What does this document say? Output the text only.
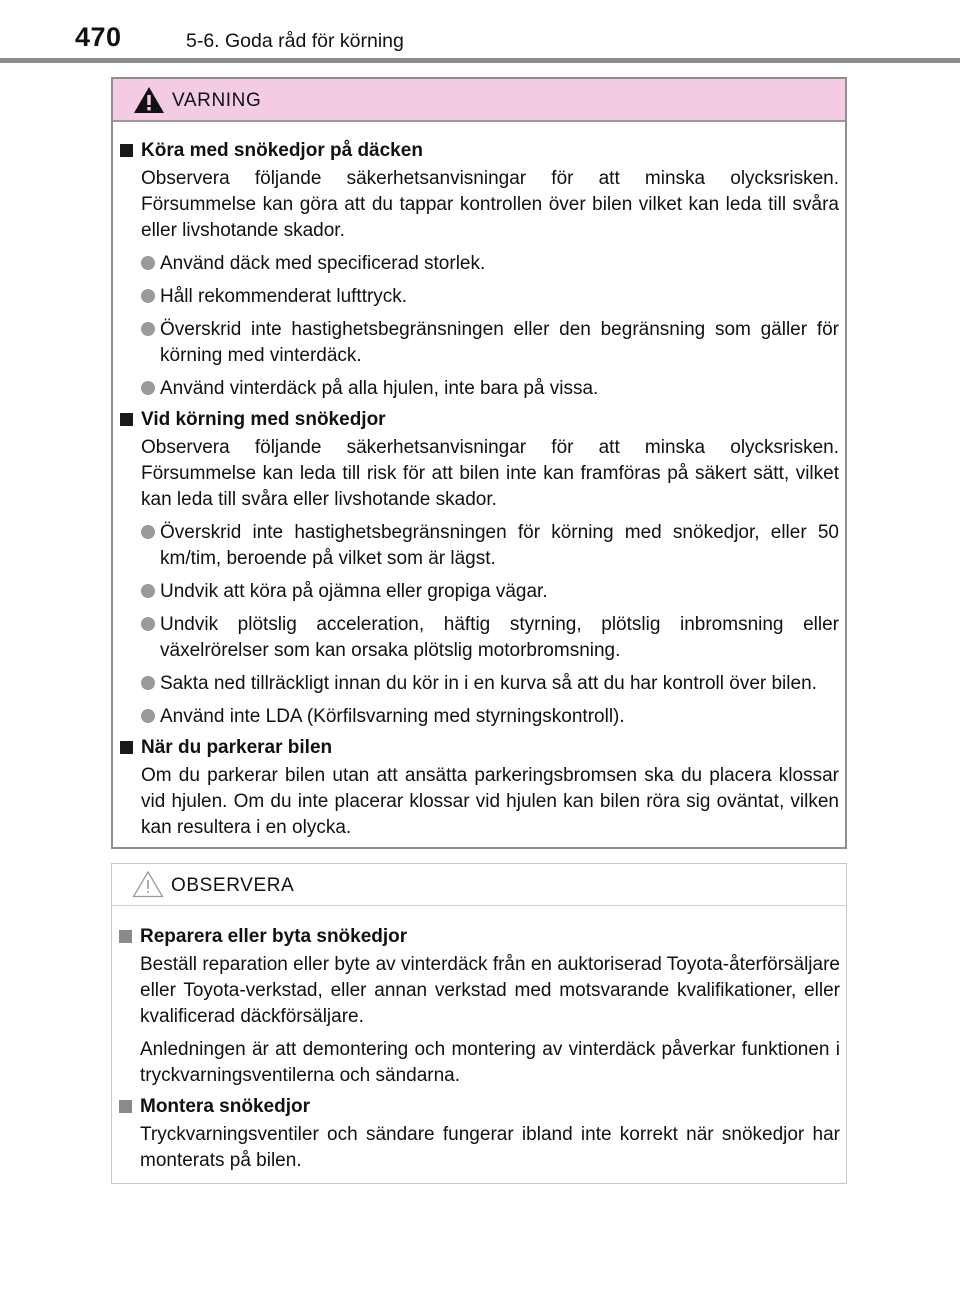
470	5-6. Goda råd för körning
VARNING
Köra med snökedjor på däcken
Observera följande säkerhetsanvisningar för att minska olycksrisken. Försummelse kan göra att du tappar kontrollen över bilen vilket kan leda till svåra eller livshotande skador.
Använd däck med specificerad storlek.
Håll rekommenderat lufttryck.
Överskrid inte hastighetsbegränsningen eller den begränsning som gäller för körning med vinterdäck.
Använd vinterdäck på alla hjulen, inte bara på vissa.
Vid körning med snökedjor
Observera följande säkerhetsanvisningar för att minska olycksrisken. Försummelse kan leda till risk för att bilen inte kan framföras på säkert sätt, vilket kan leda till svåra eller livshotande skador.
Överskrid inte hastighetsbegränsningen för körning med snökedjor, eller 50 km/tim, beroende på vilket som är lägst.
Undvik att köra på ojämna eller gropiga vägar.
Undvik plötslig acceleration, häftig styrning, plötslig inbromsning eller växelrörelser som kan orsaka plötslig motorbromsning.
Sakta ned tillräckligt innan du kör in i en kurva så att du har kontroll över bilen.
Använd inte LDA (Körfilsvarning med styrningskontroll).
När du parkerar bilen
Om du parkerar bilen utan att ansätta parkeringsbromsen ska du placera klossar vid hjulen. Om du inte placerar klossar vid hjulen kan bilen röra sig oväntat, vilken kan resultera i en olycka.
OBSERVERA
Reparera eller byta snökedjor
Beställ reparation eller byte av vinterdäck från en auktoriserad Toyota-återförsäljare eller Toyota-verkstad, eller annan verkstad med motsvarande kvalifikationer, eller kvalificerad däckförsäljare.
Anledningen är att demontering och montering av vinterdäck påverkar funktionen i tryckvarningsventilerna och sändarna.
Montera snökedjor
Tryckvarningsventiler och sändare fungerar ibland inte korrekt när snökedjor har monterats på bilen.
